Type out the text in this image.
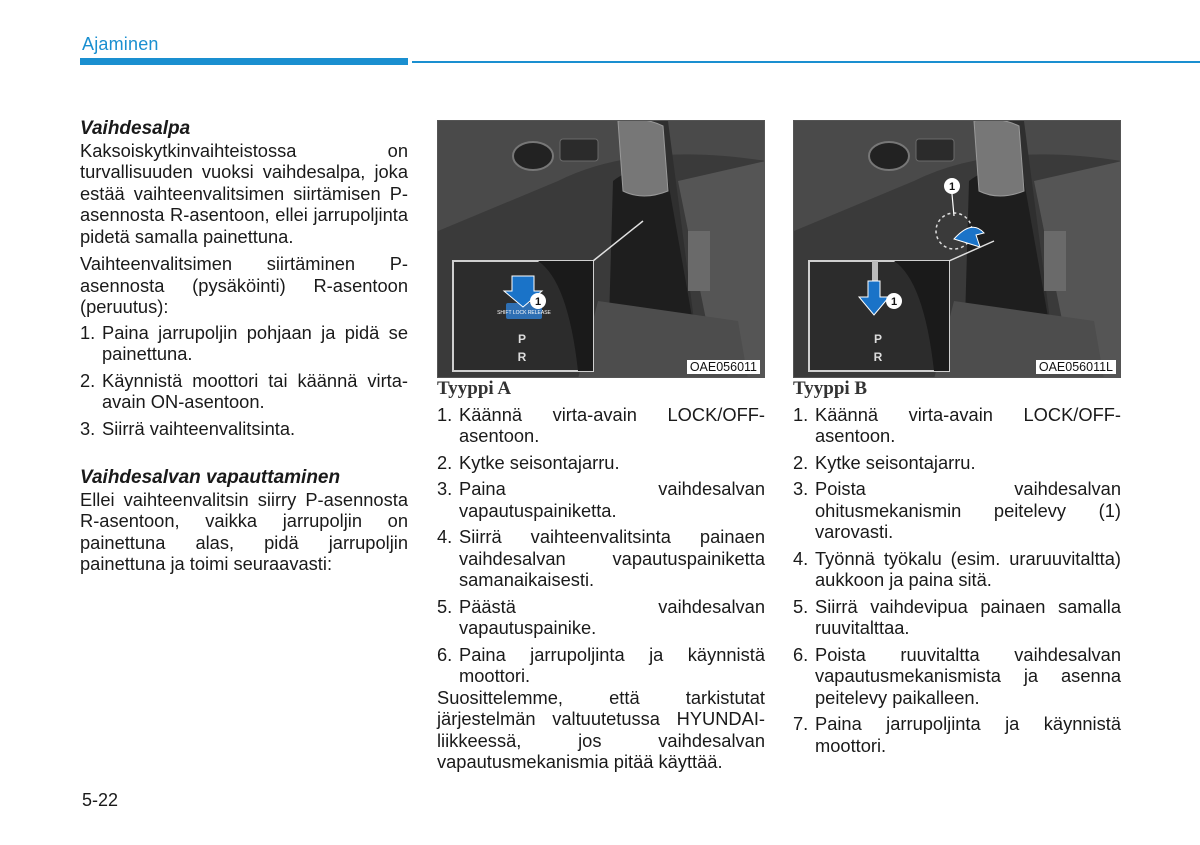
Ajaminen

Vaihdesalpa

Kaksoiskytkinvaihteistossa on turvallisuuden vuoksi vaihdesalpa, joka estää vaihteenvalitsimen siirtämisen P-asennosta R-asentoon, ellei jarrupoljinta pidetä samalla painettuna.

Vaihteenvalitsimen siirtäminen P-asennosta (pysäköinti) R-asentoon (peruutus):

1. Paina jarrupoljin pohjaan ja pidä se painettuna.
2. Käynnistä moottori tai käännä virta-avain ON-asentoon.
3. Siirrä vaihteenvalitsinta.

Vaihdesalvan vapauttaminen

Ellei vaihteenvalitsin siirry P-asennosta R-asentoon, vaikka jarrupoljin on painettuna alas, pidä jarrupoljin painettuna ja toimi seuraavasti:

SHIFT LOCK RELEASE
1
P
R
OAE056011

Tyyppi A

1. Käännä virta-avain LOCK/OFF-asentoon.
2. Kytke seisontajarru.
3. Paina vaihdesalvan vapautuspainiketta.
4. Siirrä vaihteenvalitsinta painaen vaihdesalvan vapautuspainiketta samanaikaisesti.
5. Päästä vaihdesalvan vapautuspainike.
6. Paina jarrupoljinta ja käynnistä moottori.

Suosittelemme, että tarkistutat järjestelmän valtuutetussa HYUNDAI-liikkeessä, jos vaihdesalvan vapautusmekanismia pitää käyttää.

1
1
P
R
OAE056011L

Tyyppi B

1. Käännä virta-avain LOCK/OFF-asentoon.
2. Kytke seisontajarru.
3. Poista vaihdesalvan ohitusmekanismin peitelevy (1) varovasti.
4. Työnnä työkalu (esim. uraruuvitaltta) aukkoon ja paina sitä.
5. Siirrä vaihdevipua painaen samalla ruuvitalttaa.
6. Poista ruuvitaltta vaihdesalvan vapautusmekanismista ja asenna peitelevy paikalleen.
7. Paina jarrupoljinta ja käynnistä moottori.
5-22
